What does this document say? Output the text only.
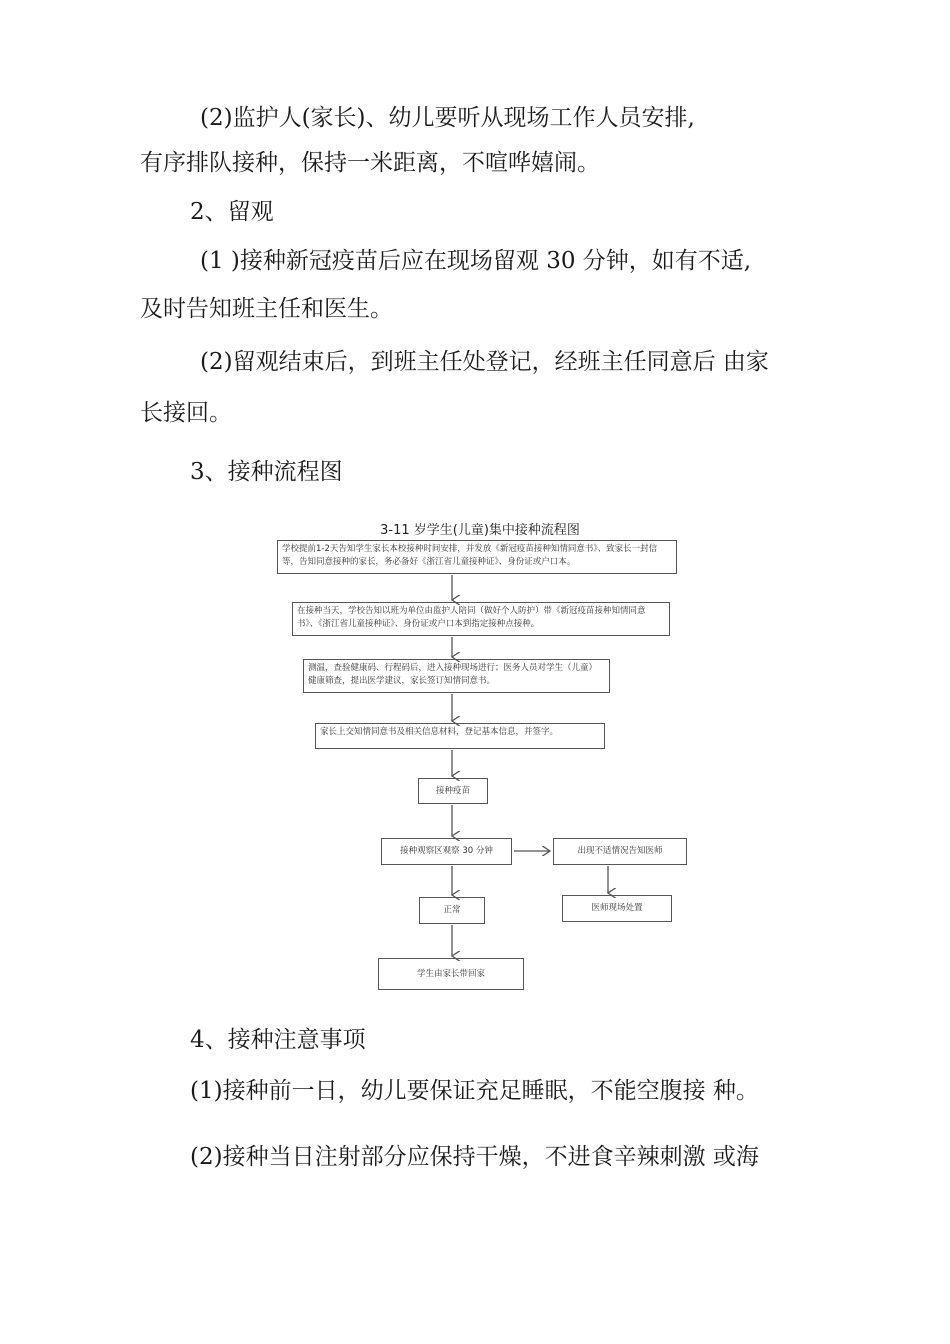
(2)监护人(家长)、幼儿要听从现场工作人员安排,
有序排队接种，保持一米距离，不喧哗嬉闹。
2、留观
(1 )接种新冠疫苗后应在现场留观 30 分钟，如有不适,
及时告知班主任和医生。
(2)留观结束后，到班主任处登记，经班主任同意后 由家
长接回。
3、接种流程图
3-11 岁学生(儿童)集中接种流程图
学校提前1-2天告知学生家长本校接种时间安排，并发放《新冠疫苗接种知情同意书》、致家长一封信等，告知同意接种的家长，务必备好《浙江省儿童接种证》、身份证或户口本。
在接种当天，学校告知以班为单位由监护人陪同（做好个人防护）带《新冠疫苗接种知情同意书》、《浙江省儿童接种证》、身份证或户口本到指定接种点接种。
测温，查验健康码、行程码后，进入接种现场进行；医务人员对学生（儿童）健康筛查，提出医学建议，家长签订知情同意书。
家长上交知情同意书及相关信息材料，登记基本信息，并签字。
接种疫苗
接种观察区观察 30 分钟	出现不适情况告知医师
医师现场处置
正常
学生由家长带回家
4、接种注意事项
(1)接种前一日，幼儿要保证充足睡眠，不能空腹接 种。
(2)接种当日注射部分应保持干燥，不进食辛辣刺激 或海
